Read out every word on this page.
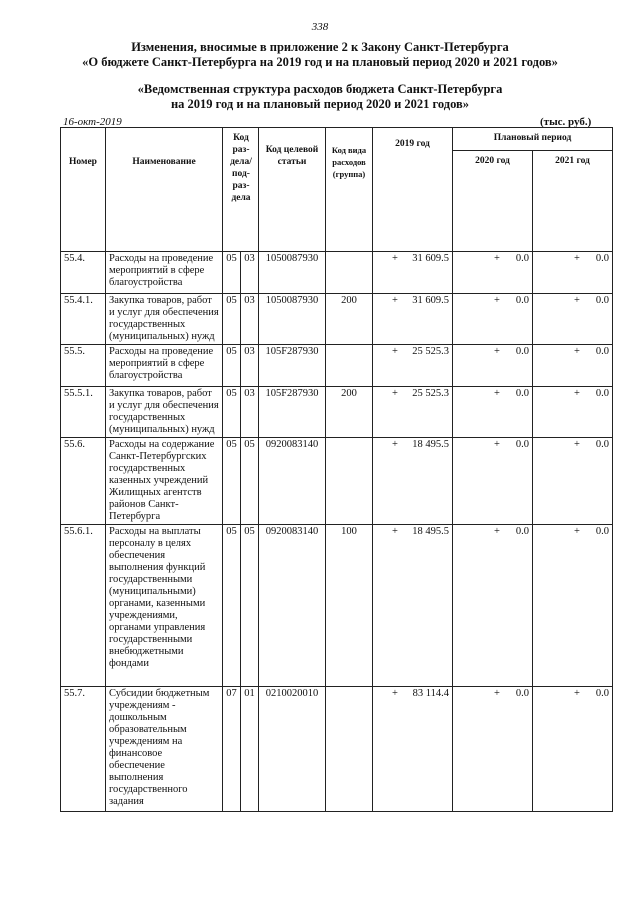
338
Изменения, вносимые в приложение 2 к Закону Санкт-Петербурга
«О бюджете Санкт-Петербурга на 2019 год и на плановый период 2020 и 2021 годов»
«Ведомственная структура расходов бюджета Санкт-Петербурга
на 2019 год и на плановый период 2020 и 2021 годов»
16-окт-2019	(тыс. руб.)
Номер	Наименование	Код раз-дела/ под-раз-дела		Код целевой статьи	Код вида расходов (группа)	2019 год	Плановый период	
							2020 год	2021 год
55.4.	Расходы на проведение мероприятий в сфере благоустройства	05	03	1050087930		+ 31 609.5	+ 0.0	+ 0.0
55.4.1.	Закупка товаров, работ и услуг для обеспечения государственных (муниципальных) нужд	05	03	1050087930	200	+ 31 609.5	+ 0.0	+ 0.0
55.5.	Расходы на проведение мероприятий в сфере благоустройства	05	03	105F287930		+ 25 525.3	+ 0.0	+ 0.0
55.5.1.	Закупка товаров, работ и услуг для обеспечения государственных (муниципальных) нужд	05	03	105F287930	200	+ 25 525.3	+ 0.0	+ 0.0
55.6.	Расходы на содержание Санкт-Петербургских государственных казенных учреждений Жилищных агентств районов Санкт-Петербурга	05	05	0920083140		+ 18 495.5	+ 0.0	+ 0.0
55.6.1.	Расходы на выплаты персоналу в целях обеспечения выполнения функций государственными (муниципальными) органами, казенными учреждениями, органами управления государственными внебюджетными фондами	05	05	0920083140	100	+ 18 495.5	+ 0.0	+ 0.0
55.7.	Субсидии бюджетным учреждениям - дошкольным образовательным учреждениям на финансовое обеспечение выполнения государственного задания	07	01	0210020010		+ 83 114.4	+ 0.0	+ 0.0
